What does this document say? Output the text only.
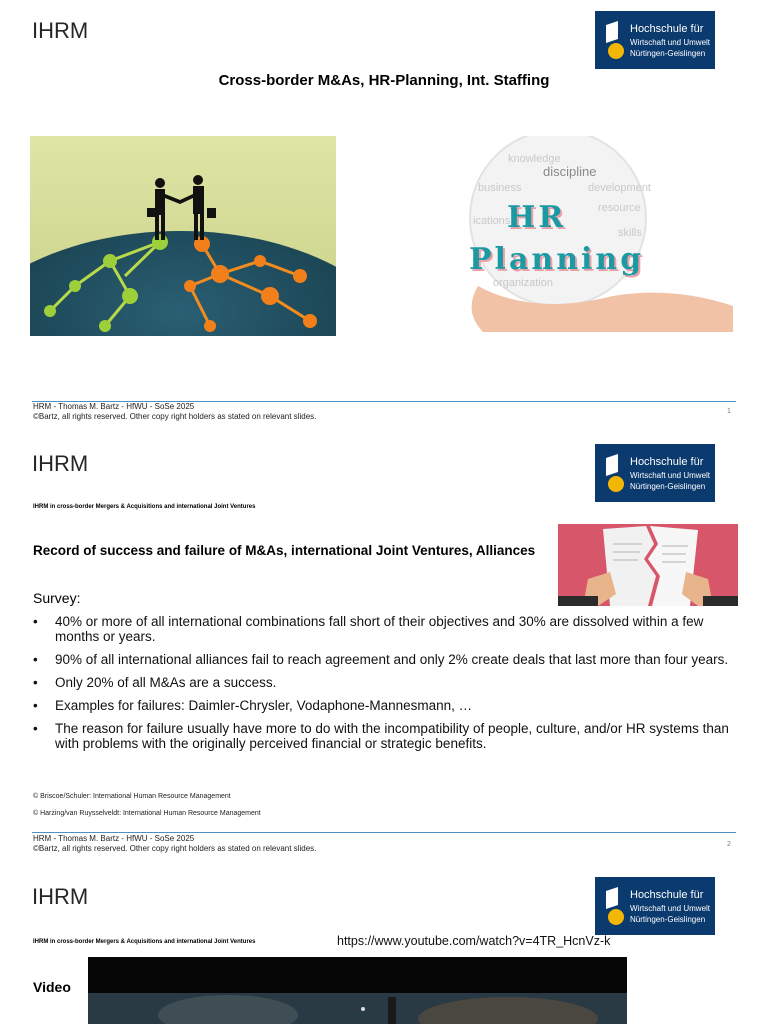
IHRM	Hochschule für
Wirtschaft und Umwelt
Nürtingen-Geislingen
Cross-border M&As, HR-Planning, Int. Staffing
knowledge
discipline
business	development
ications
resource
skills
organization
HR
Planning
HRM - Thomas M. Bartz - HfWU - SoSe 2025
©Bartz, all rights reserved. Other copy right holders as stated on relevant slides.
1
IHRM	Hochschule für
Wirtschaft und Umwelt
Nürtingen-Geislingen
IHRM in cross-border Mergers & Acquisitions and international Joint Ventures
Record of success and failure of M&As, international Joint Ventures, Alliances
Survey:
• 40% or more of all international combinations fall short of their objectives and 30% are dissolved within a few months or years.
• 90% of all international alliances fail to reach agreement and only 2% create deals that last more than four years.
• Only 20% of all M&As are a success.
• Examples for failures: Daimler-Chrysler, Vodaphone-Mannesmann, …
• The reason for failure usually have more to do with the incompatibility of people, culture, and/or HR systems than with problems with the originally perceived financial or strategic benefits.
© Briscoe/Schuler: International Human Resource Management
© Harzing/van Ruysselveldt: International Human Resource Management
HRM - Thomas M. Bartz - HfWU - SoSe 2025
©Bartz, all rights reserved. Other copy right holders as stated on relevant slides.	2
IHRM	Hochschule für
Wirtschaft und Umwelt
Nürtingen-Geislingen
IHRM in cross-border Mergers & Acquisitions and international Joint Ventures	https://www.youtube.com/watch?v=4TR_HcnVz-k
Video
